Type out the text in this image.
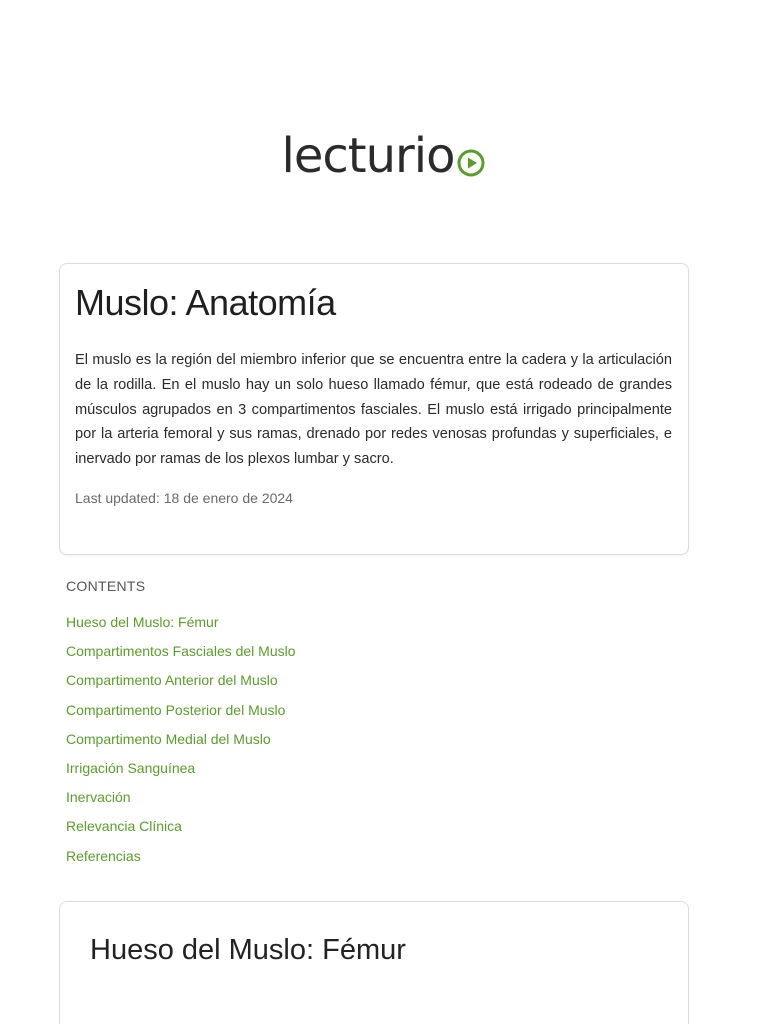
lecturio
Muslo: Anatomía

El muslo es la región del miembro inferior que se encuentra entre la cadera y la articulación de la rodilla. En el muslo hay un solo hueso llamado fémur, que está rodeado de grandes músculos agrupados en 3 compartimentos fasciales. El muslo está irrigado principalmente por la arteria femoral y sus ramas, drenado por redes venosas profundas y superficiales, e inervado por ramas de los plexos lumbar y sacro.

Last updated: 18 de enero de 2024
CONTENTS
Hueso del Muslo: Fémur
Compartimentos Fasciales del Muslo
Compartimento Anterior del Muslo
Compartimento Posterior del Muslo
Compartimento Medial del Muslo
Irrigación Sanguínea
Inervación
Relevancia Clínica
Referencias
Hueso del Muslo: Fémur
